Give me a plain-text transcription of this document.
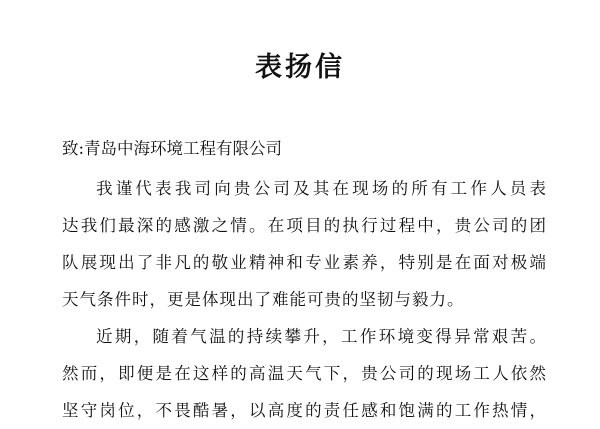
表扬信
致:青岛中海环境工程有限公司
我谨代表我司向贵公司及其在现场的所有工作人员表
达我们最深的感激之情。在项目的执行过程中，贵公司的团
队展现出了非凡的敬业精神和专业素养，特别是在面对极端
天气条件时，更是体现出了难能可贵的坚韧与毅力。
近期，随着气温的持续攀升，工作环境变得异常艰苦。
然而，即便是在这样的高温天气下，贵公司的现场工人依然
坚守岗位，不畏酷暑，以高度的责任感和饱满的工作热情，
